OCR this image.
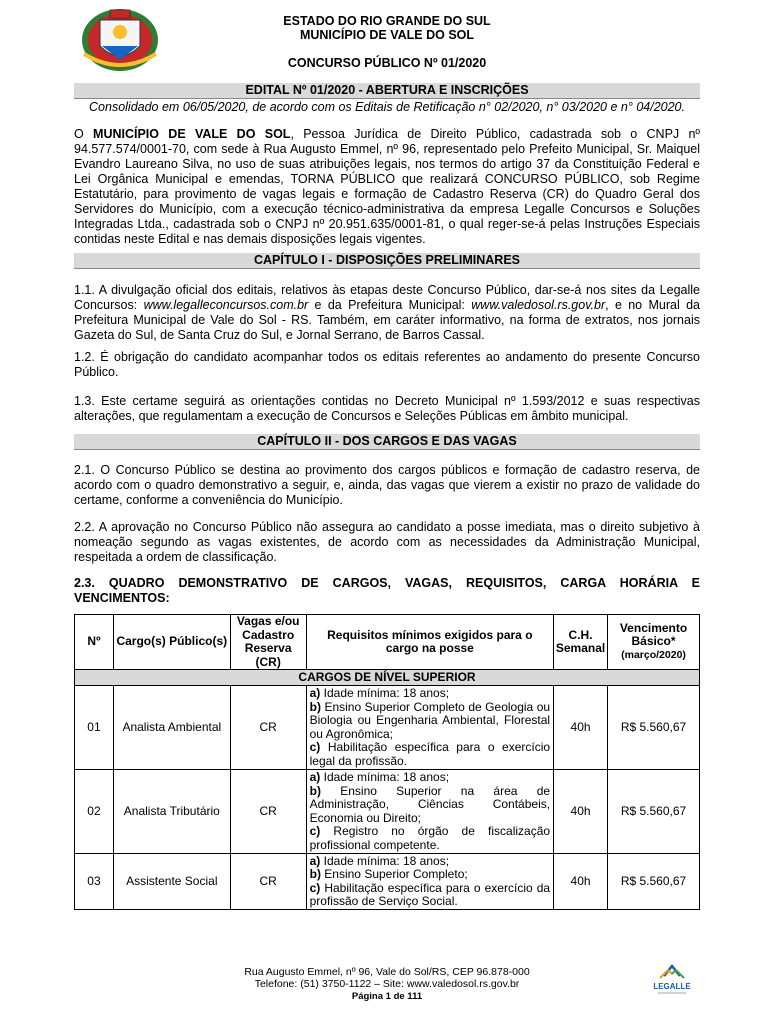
ESTADO DO RIO GRANDE DO SUL
MUNICÍPIO DE VALE DO SOL
CONCURSO PÚBLICO Nº 01/2020
EDITAL Nº 01/2020 - ABERTURA E INSCRIÇÕES
Consolidado em 06/05/2020, de acordo com os Editais de Retificação n° 02/2020, n° 03/2020 e n° 04/2020.
O MUNICÍPIO DE VALE DO SOL, Pessoa Jurídica de Direito Público, cadastrada sob o CNPJ nº 94.577.574/0001-70, com sede à Rua Augusto Emmel, nº 96, representado pelo Prefeito Municipal, Sr. Maiquel Evandro Laureano Silva, no uso de suas atribuições legais, nos termos do artigo 37 da Constituição Federal e Lei Orgânica Municipal e emendas, TORNA PÚBLICO que realizará CONCURSO PÚBLICO, sob Regime Estatutário, para provimento de vagas legais e formação de Cadastro Reserva (CR) do Quadro Geral dos Servidores do Município, com a execução técnico-administrativa da empresa Legalle Concursos e Soluções Integradas Ltda., cadastrada sob o CNPJ nº 20.951.635/0001-81, o qual reger-se-á pelas Instruções Especiais contidas neste Edital e nas demais disposições legais vigentes.
CAPÍTULO I - DISPOSIÇÕES PRELIMINARES
1.1. A divulgação oficial dos editais, relativos às etapas deste Concurso Público, dar-se-á nos sites da Legalle Concursos: www.legalleconcursos.com.br e da Prefeitura Municipal: www.valedosol.rs.gov.br, e no Mural da Prefeitura Municipal de Vale do Sol - RS. Também, em caráter informativo, na forma de extratos, nos jornais Gazeta do Sul, de Santa Cruz do Sul, e Jornal Serrano, de Barros Cassal.
1.2. É obrigação do candidato acompanhar todos os editais referentes ao andamento do presente Concurso Público.
1.3. Este certame seguirá as orientações contidas no Decreto Municipal nº 1.593/2012 e suas respectivas alterações, que regulamentam a execução de Concursos e Seleções Públicas em âmbito municipal.
CAPÍTULO II - DOS CARGOS E DAS VAGAS
2.1. O Concurso Público se destina ao provimento dos cargos públicos e formação de cadastro reserva, de acordo com o quadro demonstrativo a seguir, e, ainda, das vagas que vierem a existir no prazo de validade do certame, conforme a conveniência do Município.
2.2. A aprovação no Concurso Público não assegura ao candidato a posse imediata, mas o direito subjetivo à nomeação segundo as vagas existentes, de acordo com as necessidades da Administração Municipal, respeitada a ordem de classificação.
2.3. QUADRO DEMONSTRATIVO DE CARGOS, VAGAS, REQUISITOS, CARGA HORÁRIA E VENCIMENTOS:
Nº	Cargo(s) Público(s)	Vagas e/ou Cadastro Reserva (CR)	Requisitos mínimos exigidos para o cargo na posse	C.H. Semanal	Vencimento Básico*
(março/2020)

CARGOS DE NÍVEL SUPERIOR					
01	Analista Ambiental	CR	a) Idade mínima: 18 anos;
b) Ensino Superior Completo de Geologia ou Biologia ou Engenharia Ambiental, Florestal ou Agronômica;
c) Habilitação específica para o exercício legal da profissão.	40h	R$ 5.560,67
02	Analista Tributário	CR	a) Idade mínima: 18 anos;
b) Ensino Superior na área de Administração, Ciências Contábeis, Economia ou Direito;
c) Registro no órgão de fiscalização profissional competente.	40h	R$ 5.560,67
03	Assistente Social	CR	a) Idade mínima: 18 anos;
b) Ensino Superior Completo;
c) Habilitação específica para o exercício da profissão de Serviço Social.	40h	R$ 5.560,67
Rua Augusto Emmel, nº 96, Vale do Sol/RS, CEP 96.878-000
Telefone: (51) 3750-1122 – Site: www.valedosol.rs.gov.br
Página 1 de 111
LEGALLE
